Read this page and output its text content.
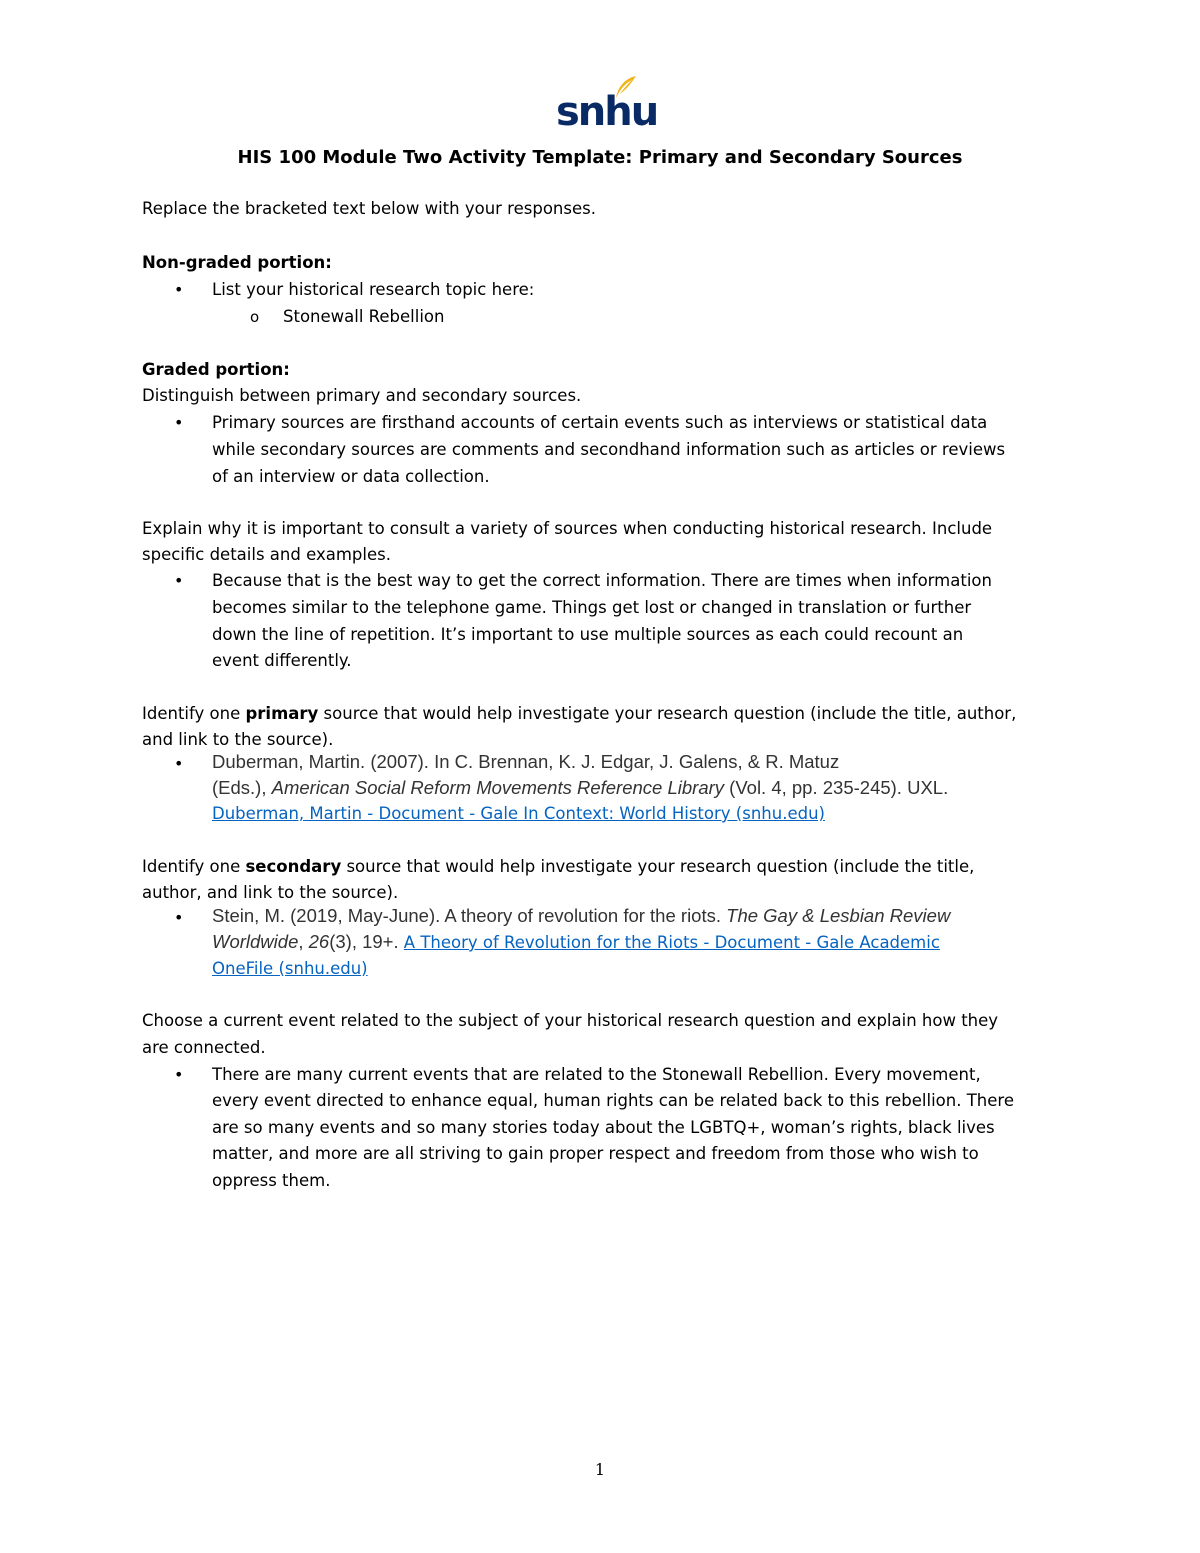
snhu
HIS 100 Module Two Activity Template: Primary and Secondary Sources
Replace the bracketed text below with your responses.
Non-graded portion:
• List your historical research topic here:
o Stonewall Rebellion
Graded portion:
Distinguish between primary and secondary sources.
• Primary sources are firsthand accounts of certain events such as interviews or statistical data
while secondary sources are comments and secondhand information such as articles or reviews
of an interview or data collection.
Explain why it is important to consult a variety of sources when conducting historical research. Include
specific details and examples.
• Because that is the best way to get the correct information. There are times when information
becomes similar to the telephone game. Things get lost or changed in translation or further
down the line of repetition. It’s important to use multiple sources as each could recount an
event differently.
Identify one primary source that would help investigate your research question (include the title, author,
and link to the source).
• Duberman, Martin. (2007). In C. Brennan, K. J. Edgar, J. Galens, & R. Matuz
(Eds.), American Social Reform Movements Reference Library (Vol. 4, pp. 235-245). UXL.
Duberman, Martin - Document - Gale In Context: World History (snhu.edu)
Identify one secondary source that would help investigate your research question (include the title,
author, and link to the source).
• Stein, M. (2019, May-June). A theory of revolution for the riots. The Gay & Lesbian Review
Worldwide, 26(3), 19+. A Theory of Revolution for the Riots - Document - Gale Academic
OneFile (snhu.edu)
Choose a current event related to the subject of your historical research question and explain how they
are connected.
• There are many current events that are related to the Stonewall Rebellion. Every movement,
every event directed to enhance equal, human rights can be related back to this rebellion. There
are so many events and so many stories today about the LGBTQ+, woman’s rights, black lives
matter, and more are all striving to gain proper respect and freedom from those who wish to
oppress them.
1
